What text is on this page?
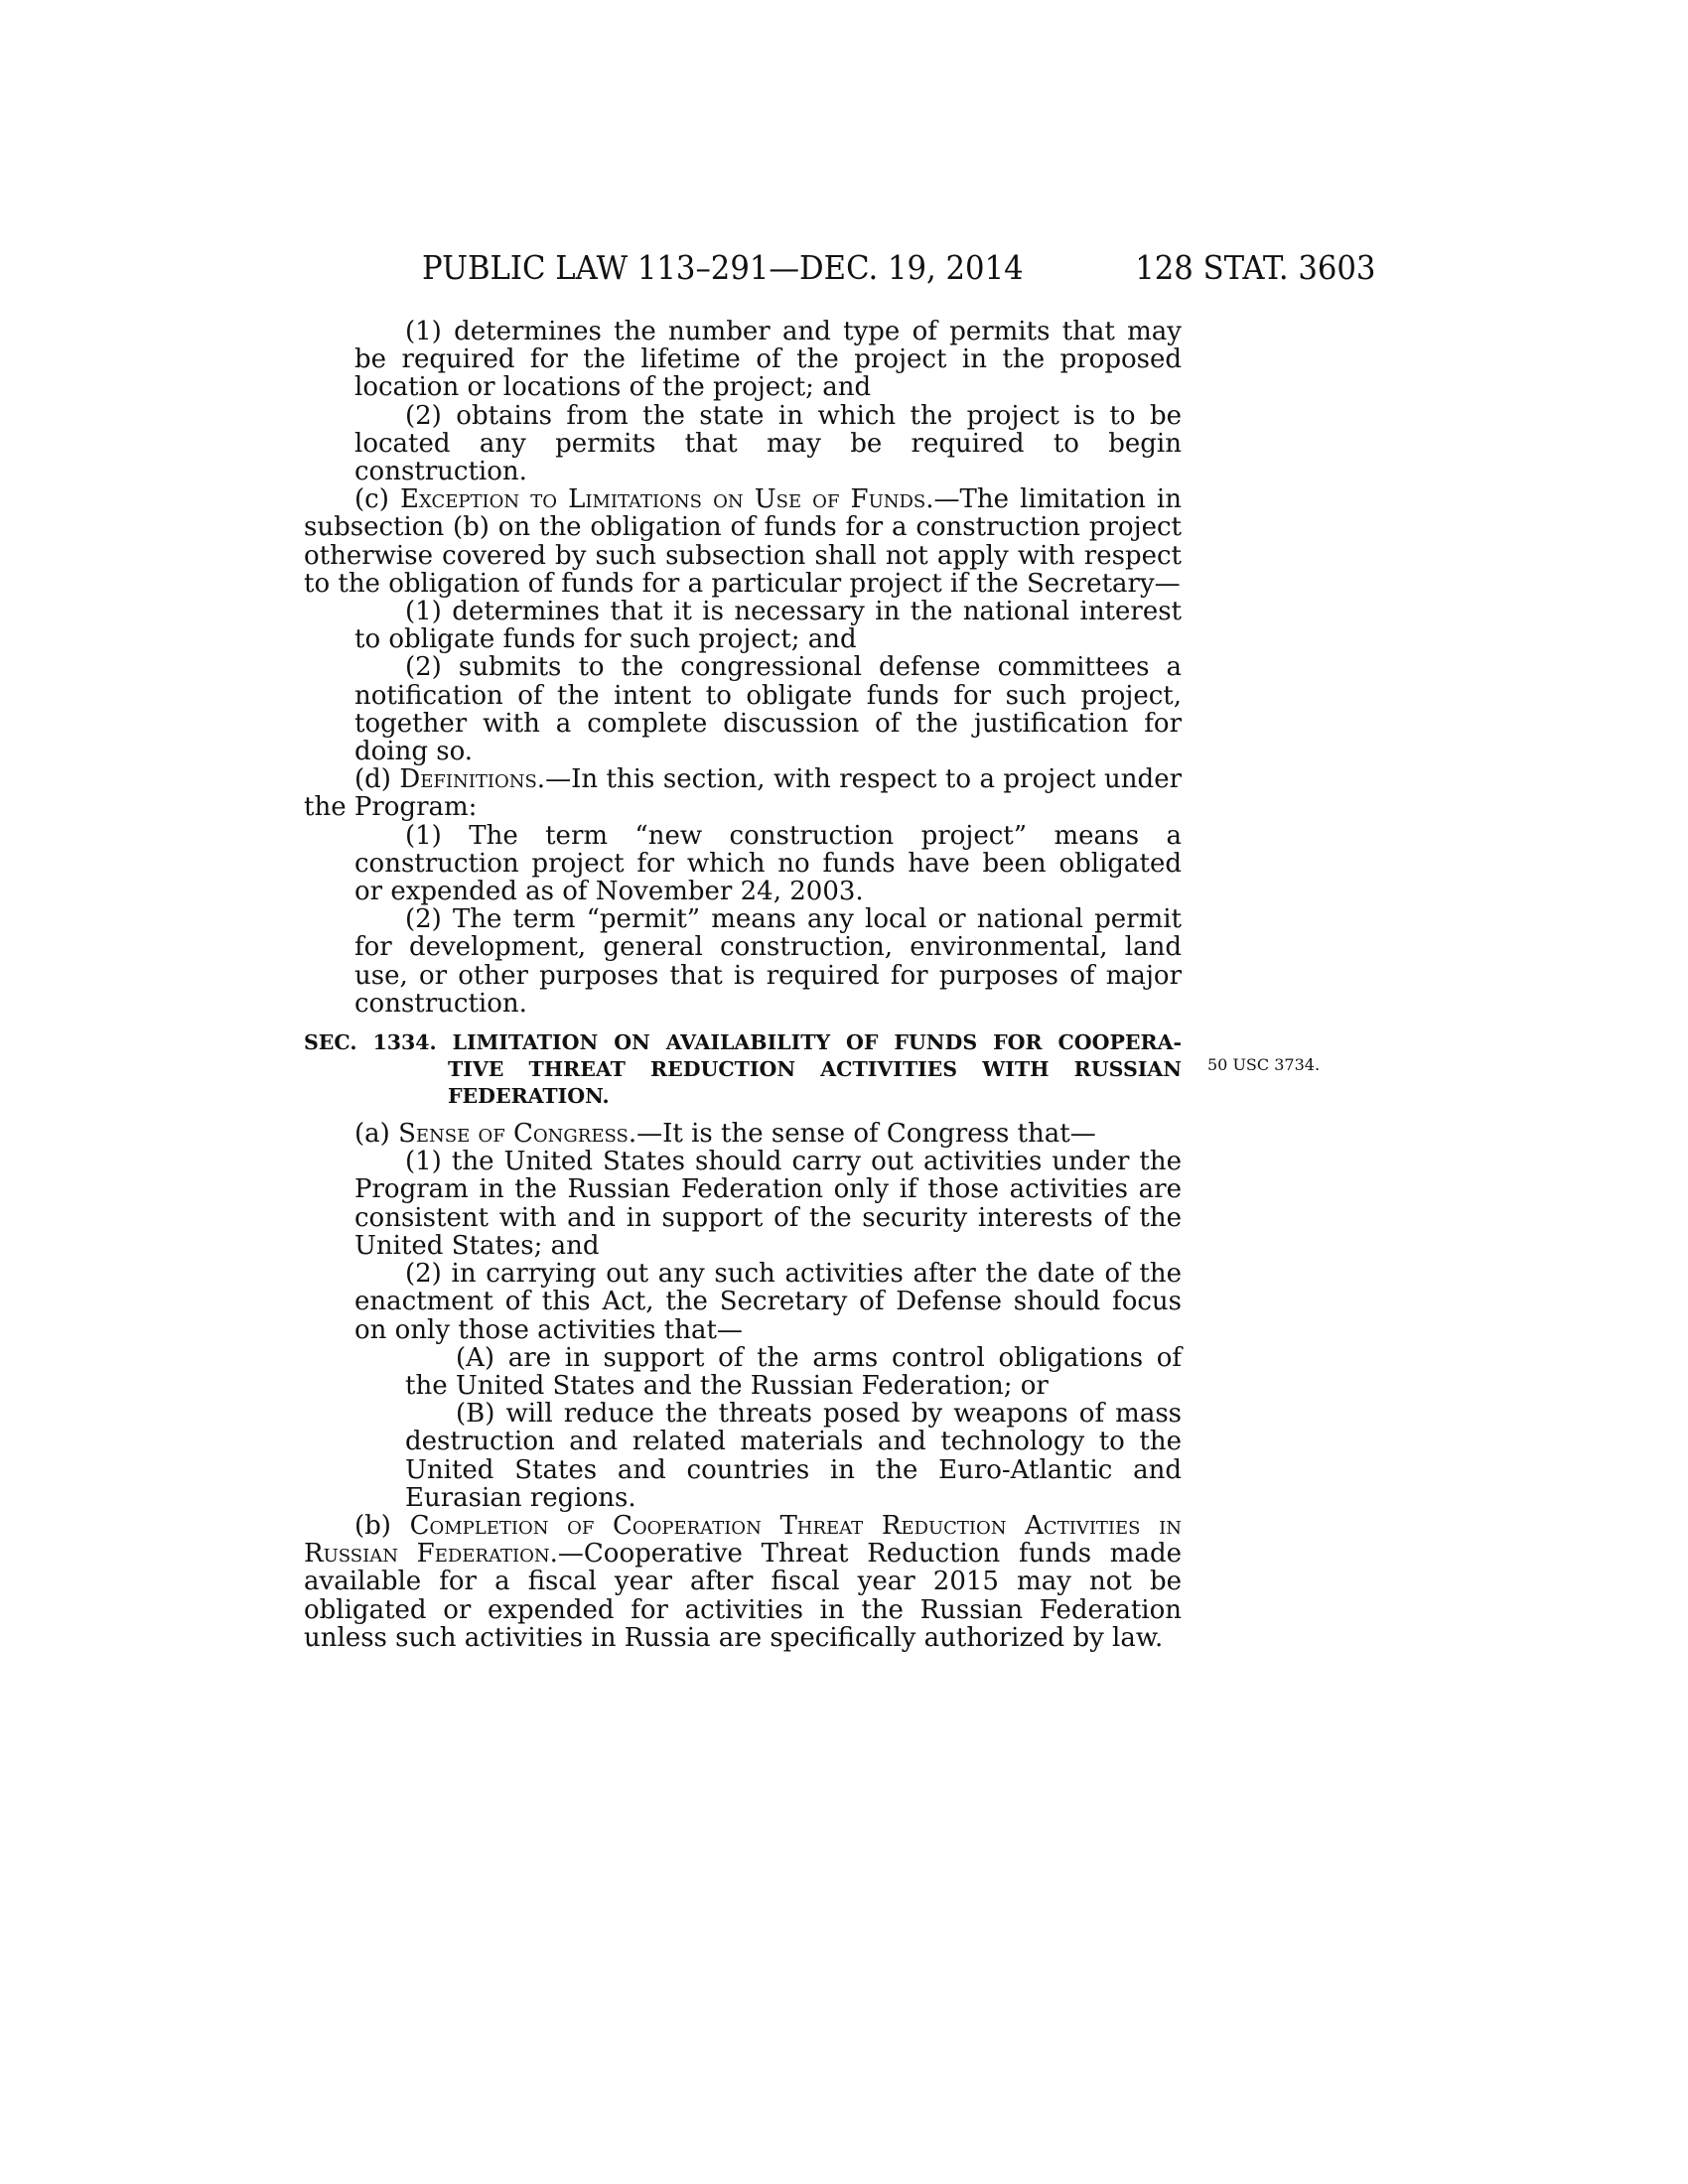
PUBLIC LAW 113–291—DEC. 19, 2014	128 STAT. 3603

(1) determines the number and type of permits that may be required for the lifetime of the project in the proposed location or locations of the project; and

(2) obtains from the state in which the project is to be located any permits that may be required to begin construction.

(c) Exception to Limitations on Use of Funds.—The limitation in subsection (b) on the obligation of funds for a construction project otherwise covered by such subsection shall not apply with respect to the obligation of funds for a particular project if the Secretary—

(1) determines that it is necessary in the national interest to obligate funds for such project; and

(2) submits to the congressional defense committees a notification of the intent to obligate funds for such project, together with a complete discussion of the justification for doing so.

(d) Definitions.—In this section, with respect to a project under the Program:

(1) The term “new construction project” means a construction project for which no funds have been obligated or expended as of November 24, 2003.

(2) The term “permit” means any local or national permit for development, general construction, environmental, land use, or other purposes that is required for purposes of major construction.

SEC. 1334. LIMITATION ON AVAILABILITY OF FUNDS FOR COOPERA-
TIVE THREAT REDUCTION ACTIVITIES WITH RUSSIAN FEDERATION.

(a) Sense of Congress.—It is the sense of Congress that—

(1) the United States should carry out activities under the Program in the Russian Federation only if those activities are consistent with and in support of the security interests of the United States; and

(2) in carrying out any such activities after the date of the enactment of this Act, the Secretary of Defense should focus on only those activities that—

(A) are in support of the arms control obligations of the United States and the Russian Federation; or

(B) will reduce the threats posed by weapons of mass destruction and related materials and technology to the United States and countries in the Euro-Atlantic and Eurasian regions.

(b) Completion of Cooperation Threat Reduction Activities in Russian Federation.—Cooperative Threat Reduction funds made available for a fiscal year after fiscal year 2015 may not be obligated or expended for activities in the Russian Federation unless such activities in Russia are specifically authorized by law.

50 USC 3734.
